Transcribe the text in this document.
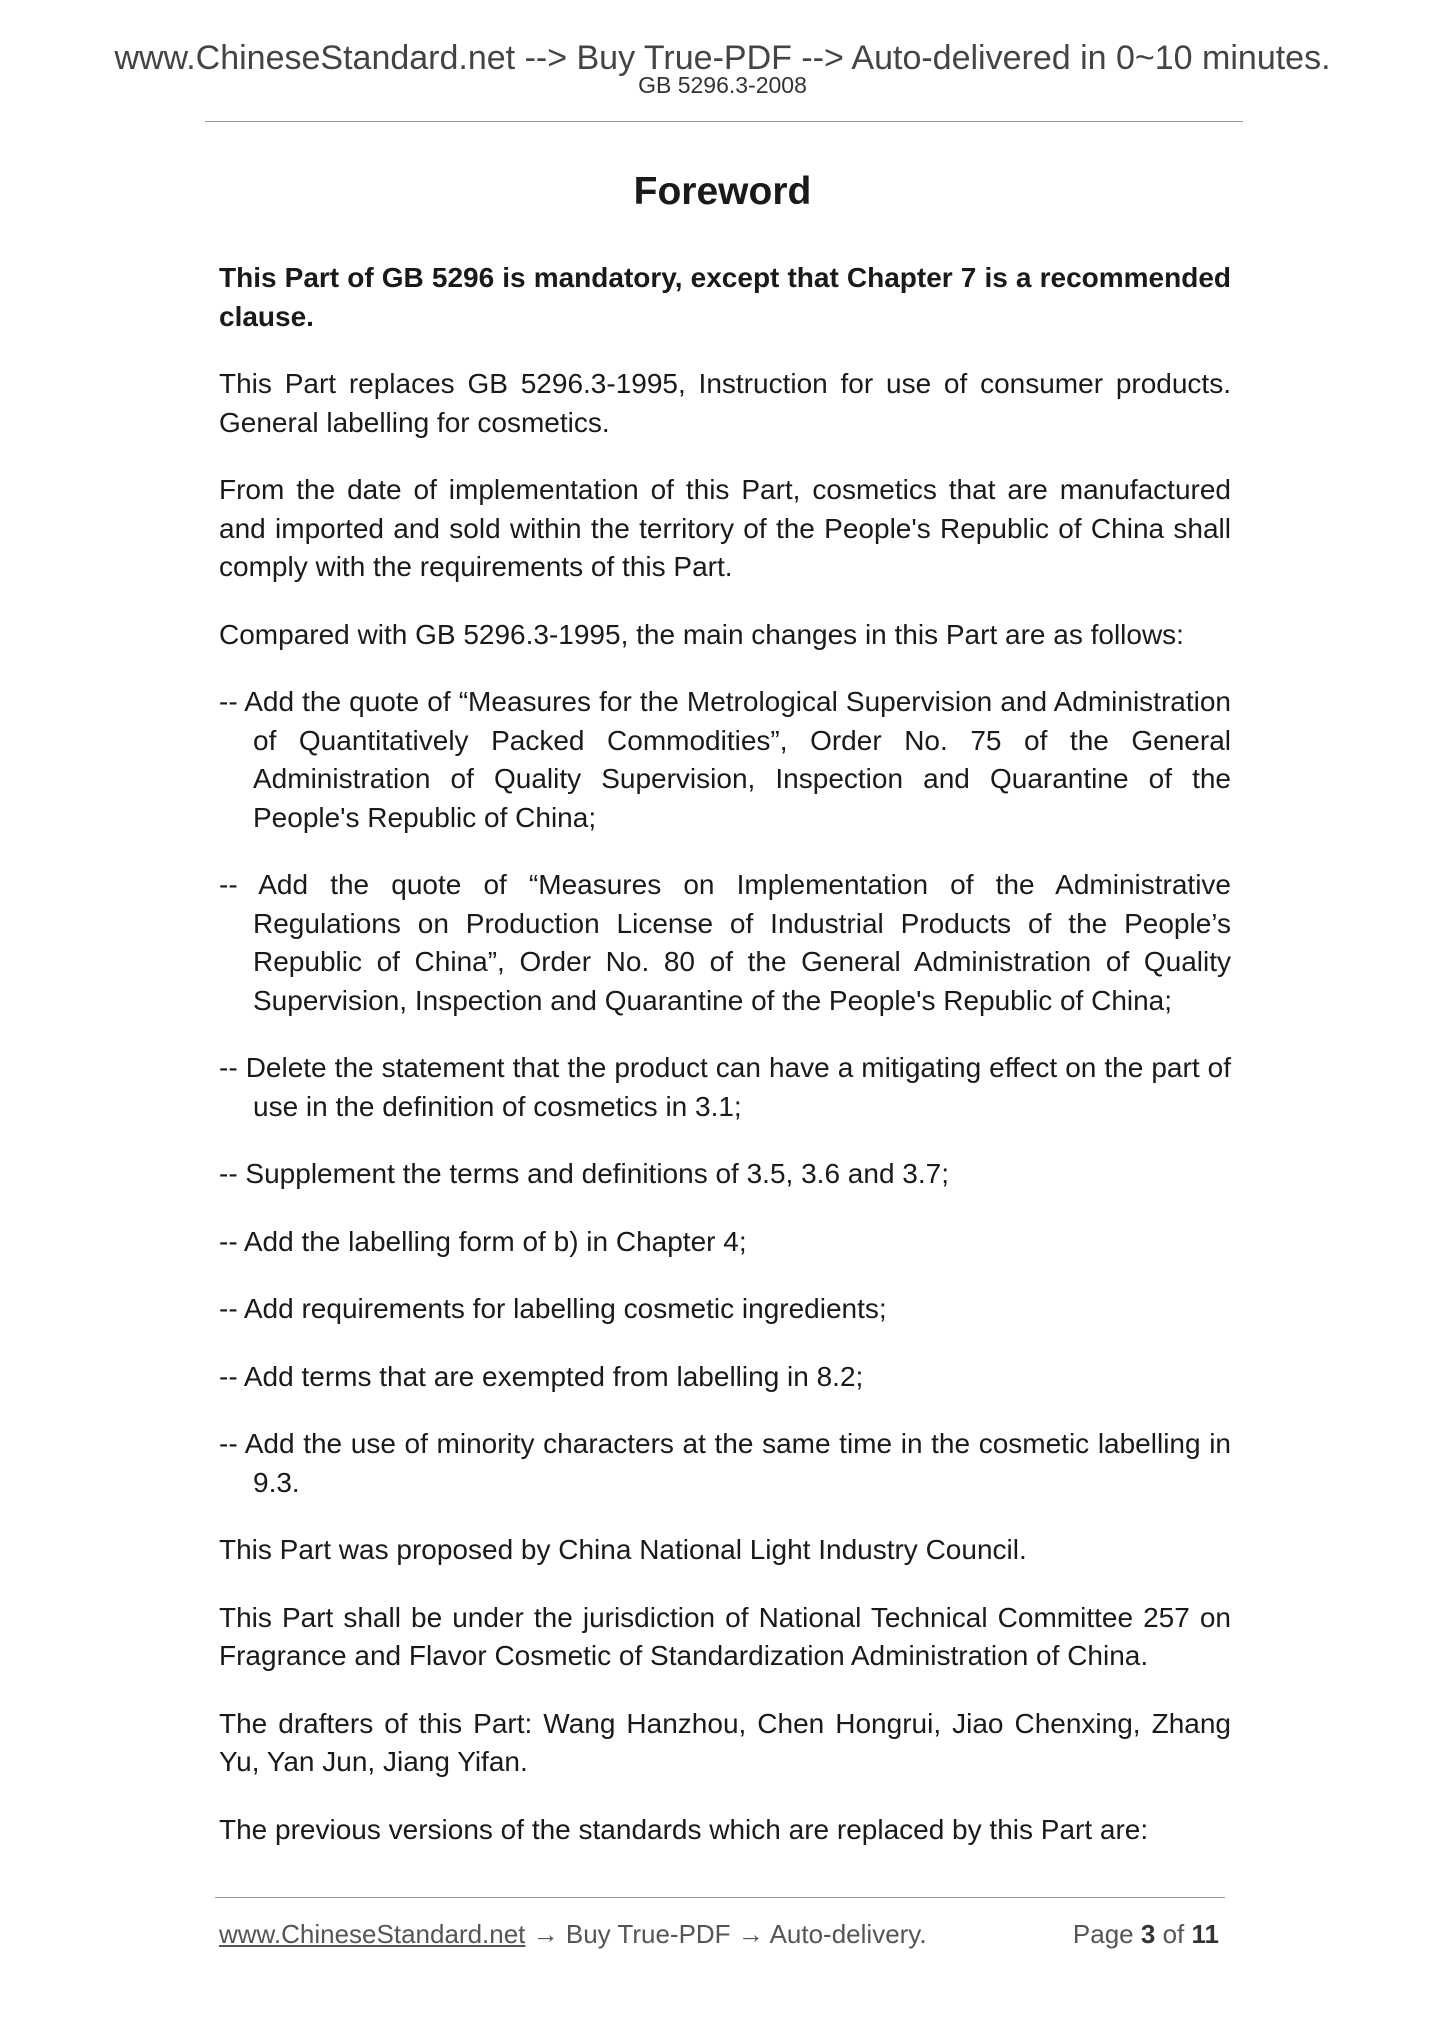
www.ChineseStandard.net --> Buy True-PDF --> Auto-delivered in 0~10 minutes.
GB 5296.3-2008
Foreword

This Part of GB 5296 is mandatory, except that Chapter 7 is a recommended clause.

This Part replaces GB 5296.3-1995, Instruction for use of consumer products. General labelling for cosmetics.

From the date of implementation of this Part, cosmetics that are manufactured and imported and sold within the territory of the People's Republic of China shall comply with the requirements of this Part.

Compared with GB 5296.3-1995, the main changes in this Part are as follows:

-- Add the quote of “Measures for the Metrological Supervision and Administration of Quantitatively Packed Commodities”, Order No. 75 of the General Administration of Quality Supervision, Inspection and Quarantine of the People's Republic of China;

-- Add the quote of “Measures on Implementation of the Administrative Regulations on Production License of Industrial Products of the People’s Republic of China”, Order No. 80 of the General Administration of Quality Supervision, Inspection and Quarantine of the People's Republic of China;

-- Delete the statement that the product can have a mitigating effect on the part of use in the definition of cosmetics in 3.1;

-- Supplement the terms and definitions of 3.5, 3.6 and 3.7;

-- Add the labelling form of b) in Chapter 4;

-- Add requirements for labelling cosmetic ingredients;

-- Add terms that are exempted from labelling in 8.2;

-- Add the use of minority characters at the same time in the cosmetic labelling in 9.3.

This Part was proposed by China National Light Industry Council.

This Part shall be under the jurisdiction of National Technical Committee 257 on Fragrance and Flavor Cosmetic of Standardization Administration of China.

The drafters of this Part: Wang Hanzhou, Chen Hongrui, Jiao Chenxing, Zhang Yu, Yan Jun, Jiang Yifan.

The previous versions of the standards which are replaced by this Part are:

www.ChineseStandard.net → Buy True-PDF → Auto-delivery.	Page 3 of 11
